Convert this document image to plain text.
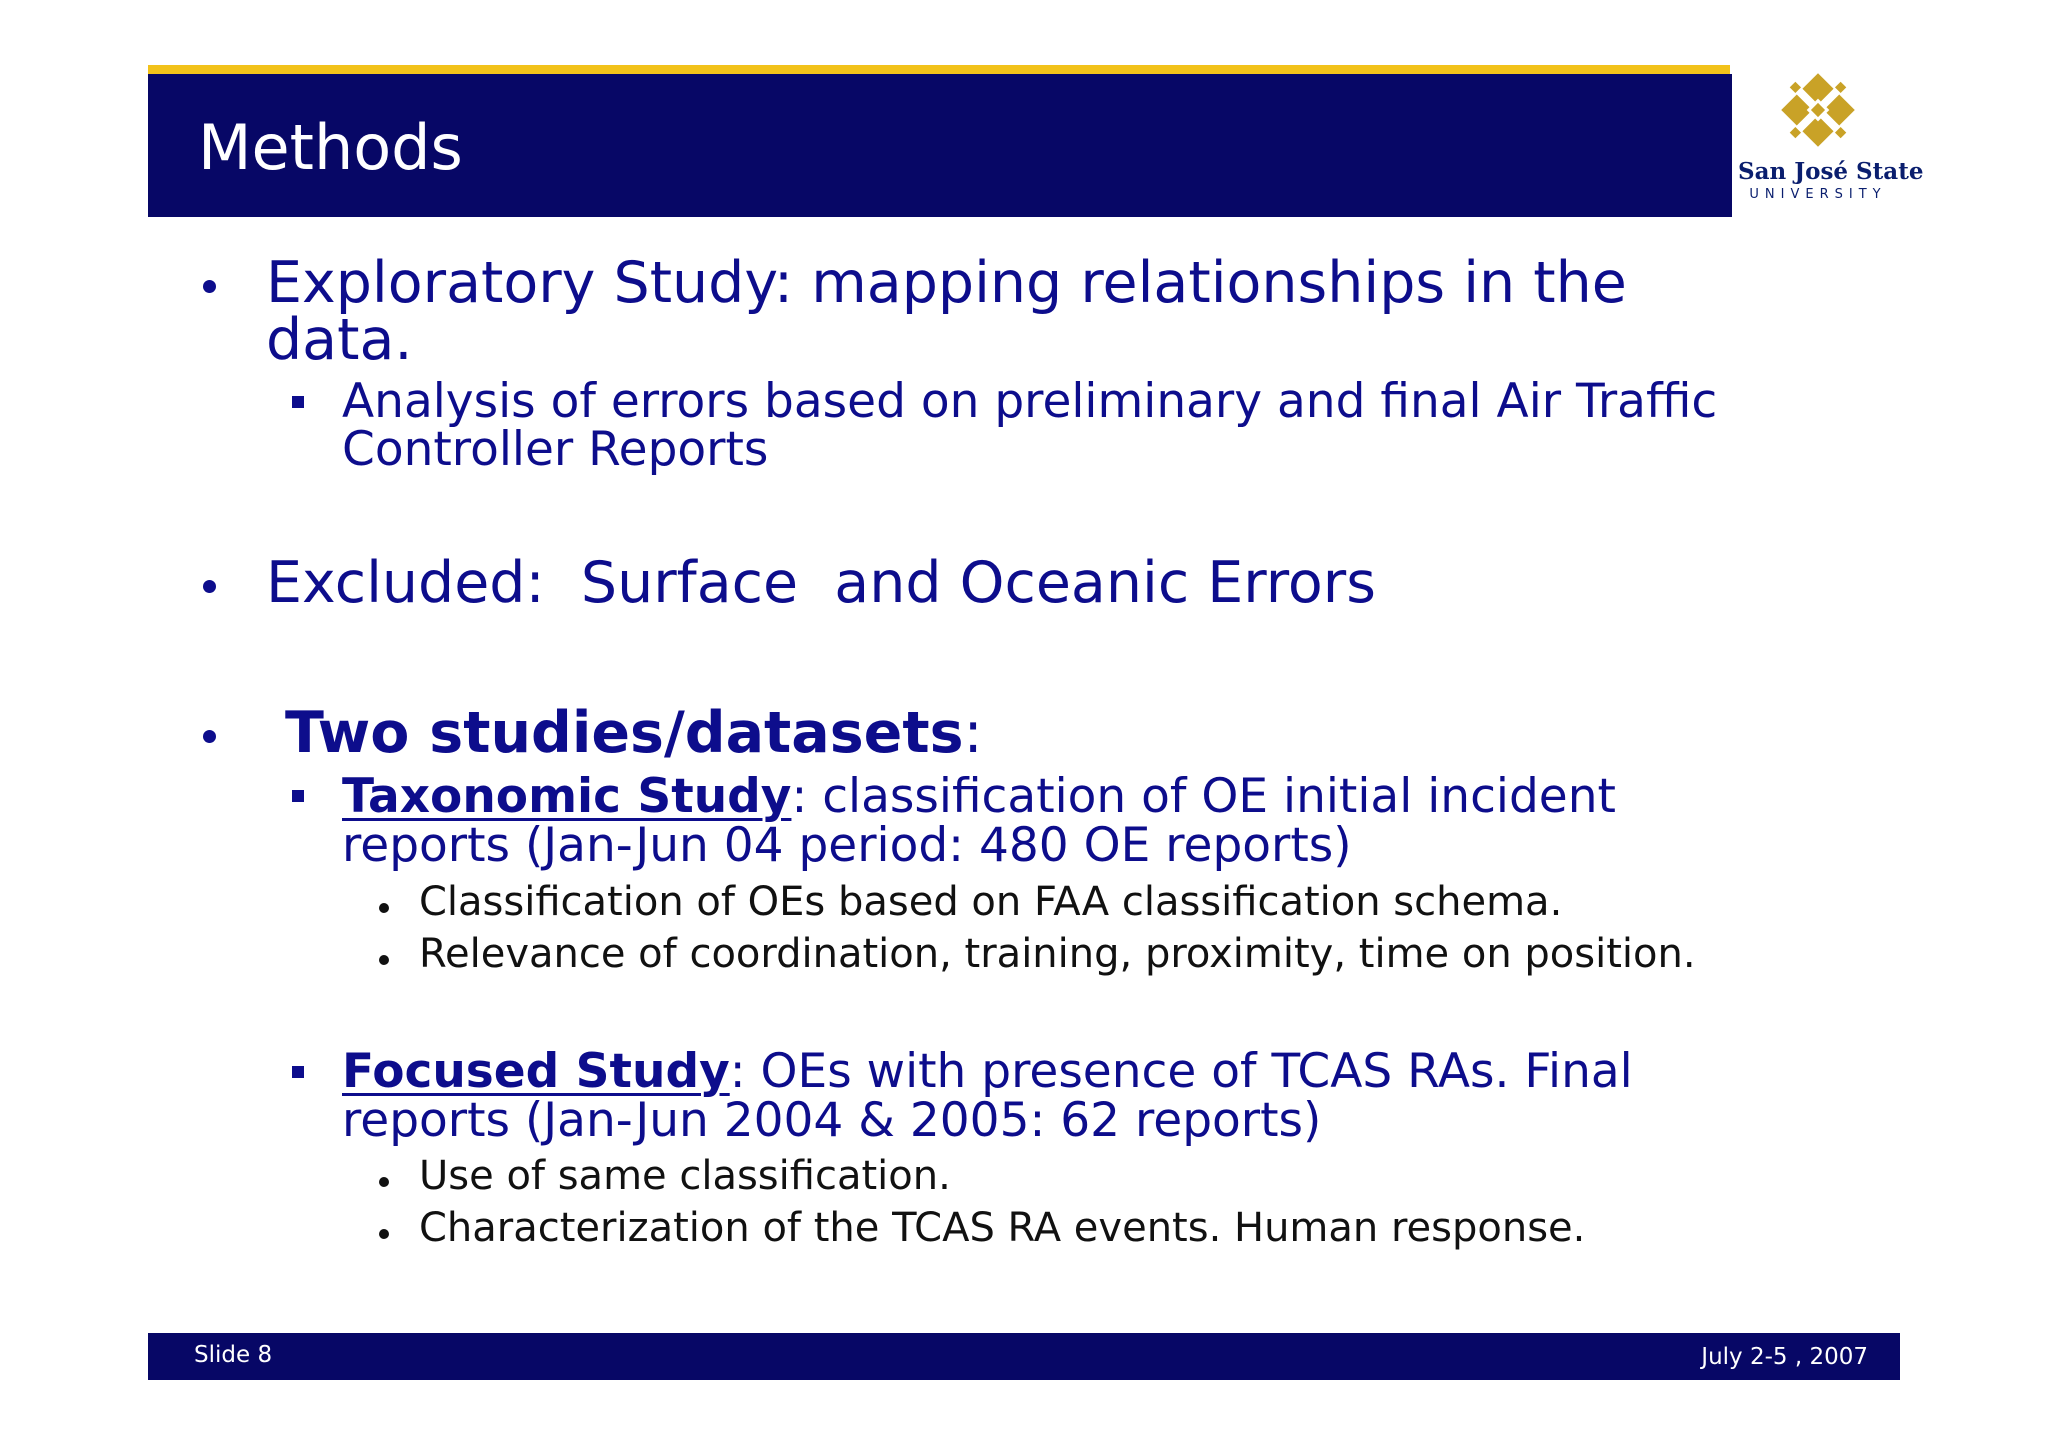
Methods	San José State
UNIVERSITY
Exploratory Study: mapping relationships in the
data.
Analysis of errors based on preliminary and final Air Traffic
Controller Reports
Excluded:  Surface  and Oceanic Errors
Two studies/datasets:
Taxonomic Study: classification of OE initial incident
reports (Jan-Jun 04 period: 480 OE reports)
Classification of OEs based on FAA classification schema.
Relevance of coordination, training, proximity, time on position.
Focused Study: OEs with presence of TCAS RAs. Final
reports (Jan-Jun 2004 & 2005: 62 reports)
Use of same classification.
Characterization of the TCAS RA events. Human response.
Slide 8	July 2-5 , 2007
